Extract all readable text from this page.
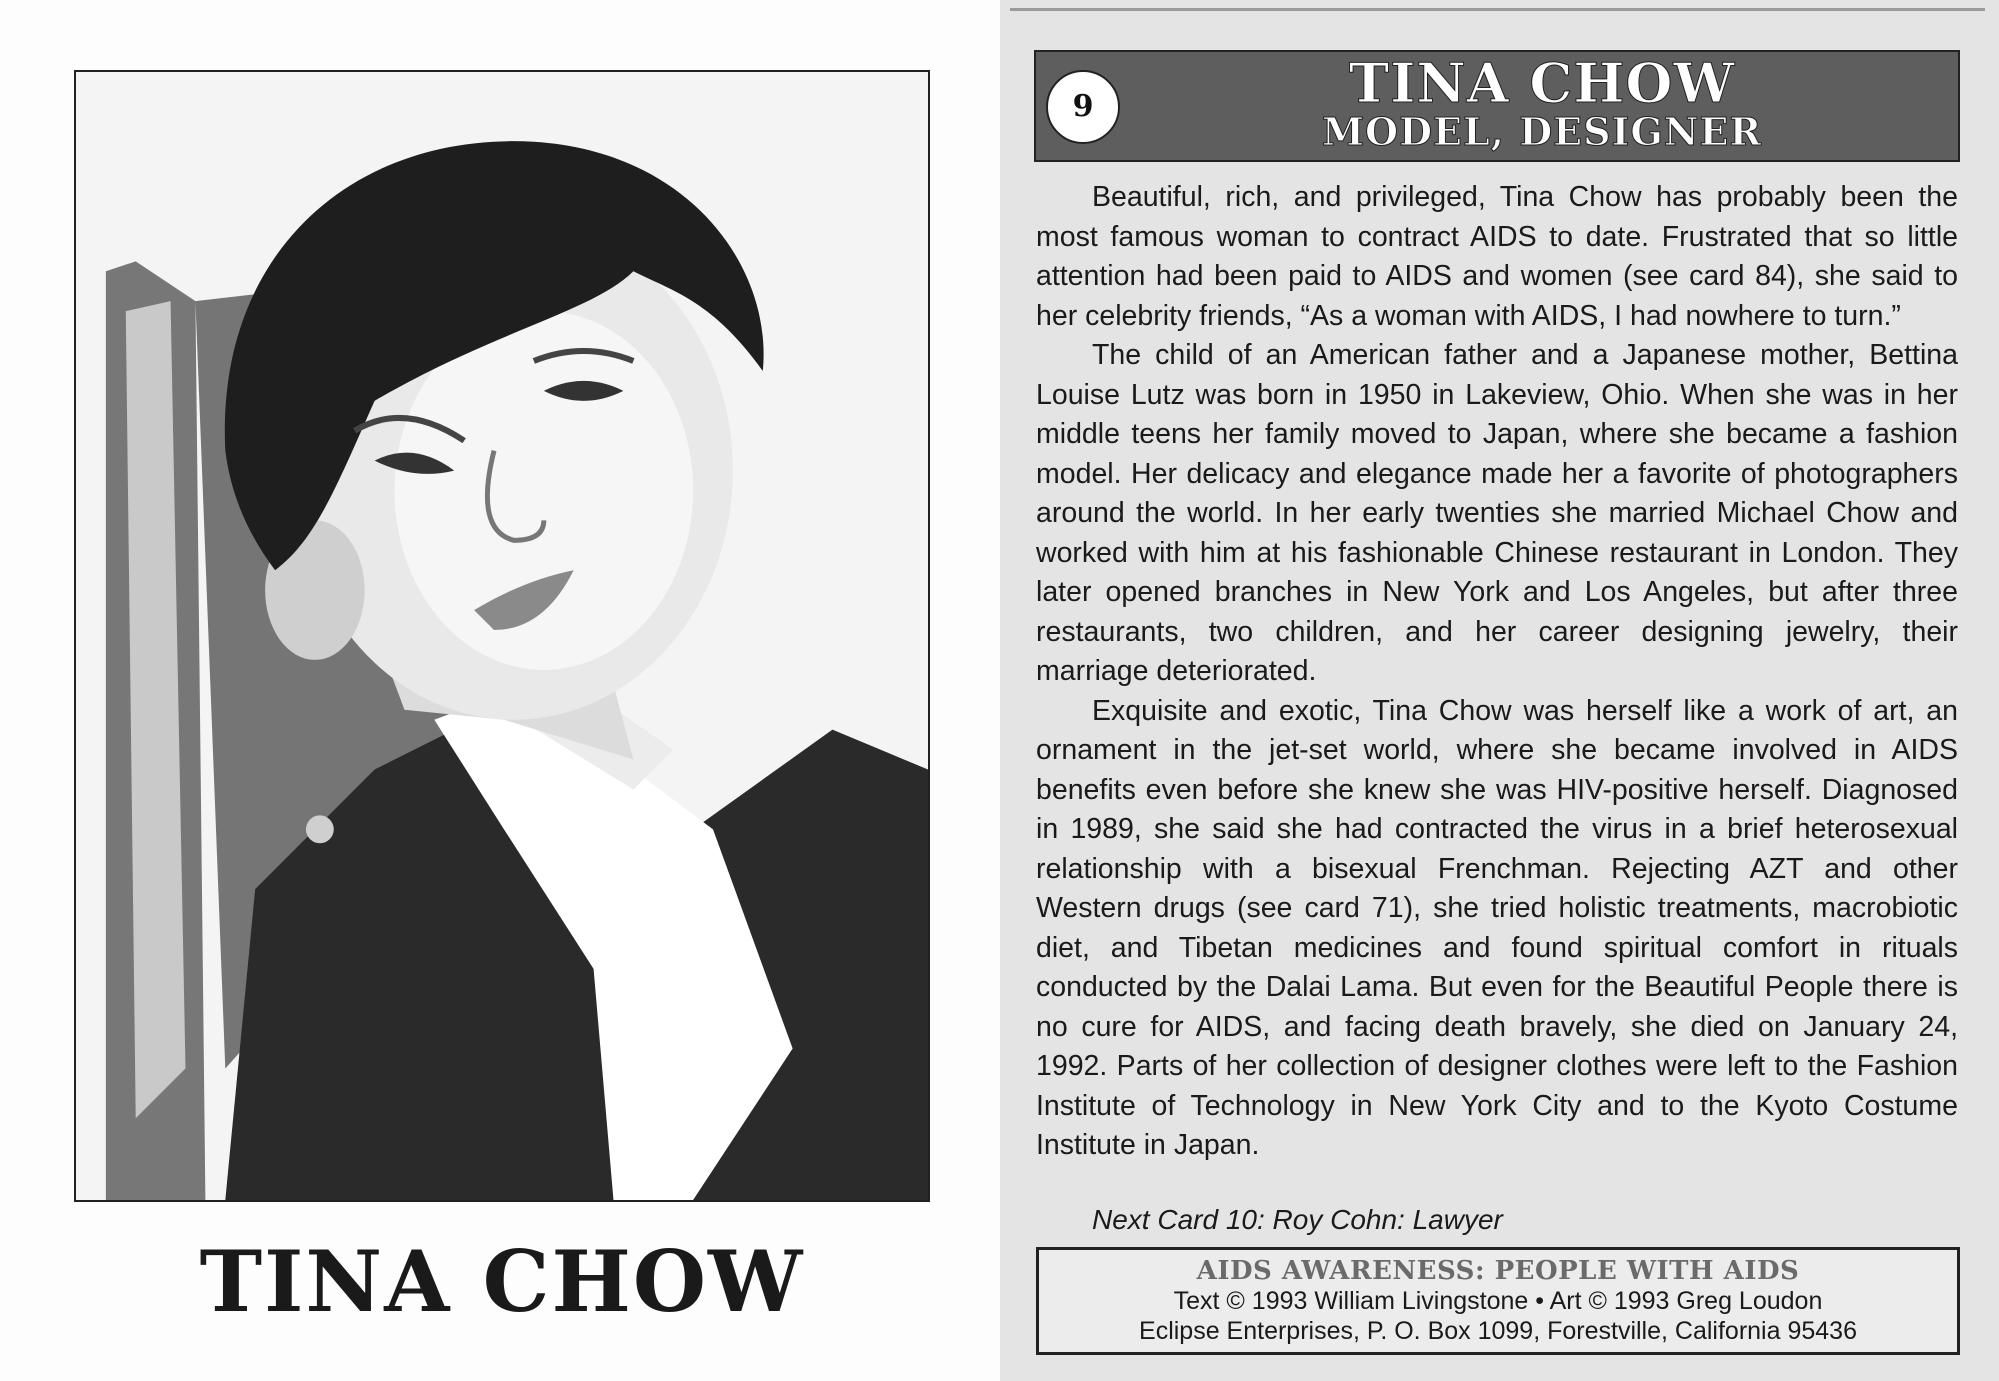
TINA CHOW
9	TINA CHOW
MODEL, DESIGNER

Beautiful, rich, and privileged, Tina Chow has probably been the most famous woman to contract AIDS to date. Frustrated that so little attention had been paid to AIDS and women (see card 84), she said to her celebrity friends, “As a woman with AIDS, I had nowhere to turn.”

The child of an American father and a Japanese mother, Bettina Louise Lutz was born in 1950 in Lakeview, Ohio. When she was in her middle teens her family moved to Japan, where she became a fashion model. Her delicacy and elegance made her a favorite of photographers around the world. In her early twenties she married Michael Chow and worked with him at his fashionable Chinese restaurant in London. They later opened branches in New York and Los Angeles, but after three restaurants, two children, and her career designing jewelry, their marriage deteriorated.

Exquisite and exotic, Tina Chow was herself like a work of art, an ornament in the jet-set world, where she became involved in AIDS benefits even before she knew she was HIV-positive herself. Diagnosed in 1989, she said she had contracted the virus in a brief heterosexual relationship with a bisexual Frenchman. Rejecting AZT and other Western drugs (see card 71), she tried holistic treatments, macrobiotic diet, and Tibetan medicines and found spiritual comfort in rituals conducted by the Dalai Lama. But even for the Beautiful People there is no cure for AIDS, and facing death bravely, she died on January 24, 1992. Parts of her collection of designer clothes were left to the Fashion Institute of Technology in New York City and to the Kyoto Costume Institute in Japan.

Next Card 10: Roy Cohn: Lawyer
AIDS AWARENESS: PEOPLE WITH AIDS
Text © 1993 William Livingstone • Art © 1993 Greg Loudon
Eclipse Enterprises, P. O. Box 1099, Forestville, California 95436
